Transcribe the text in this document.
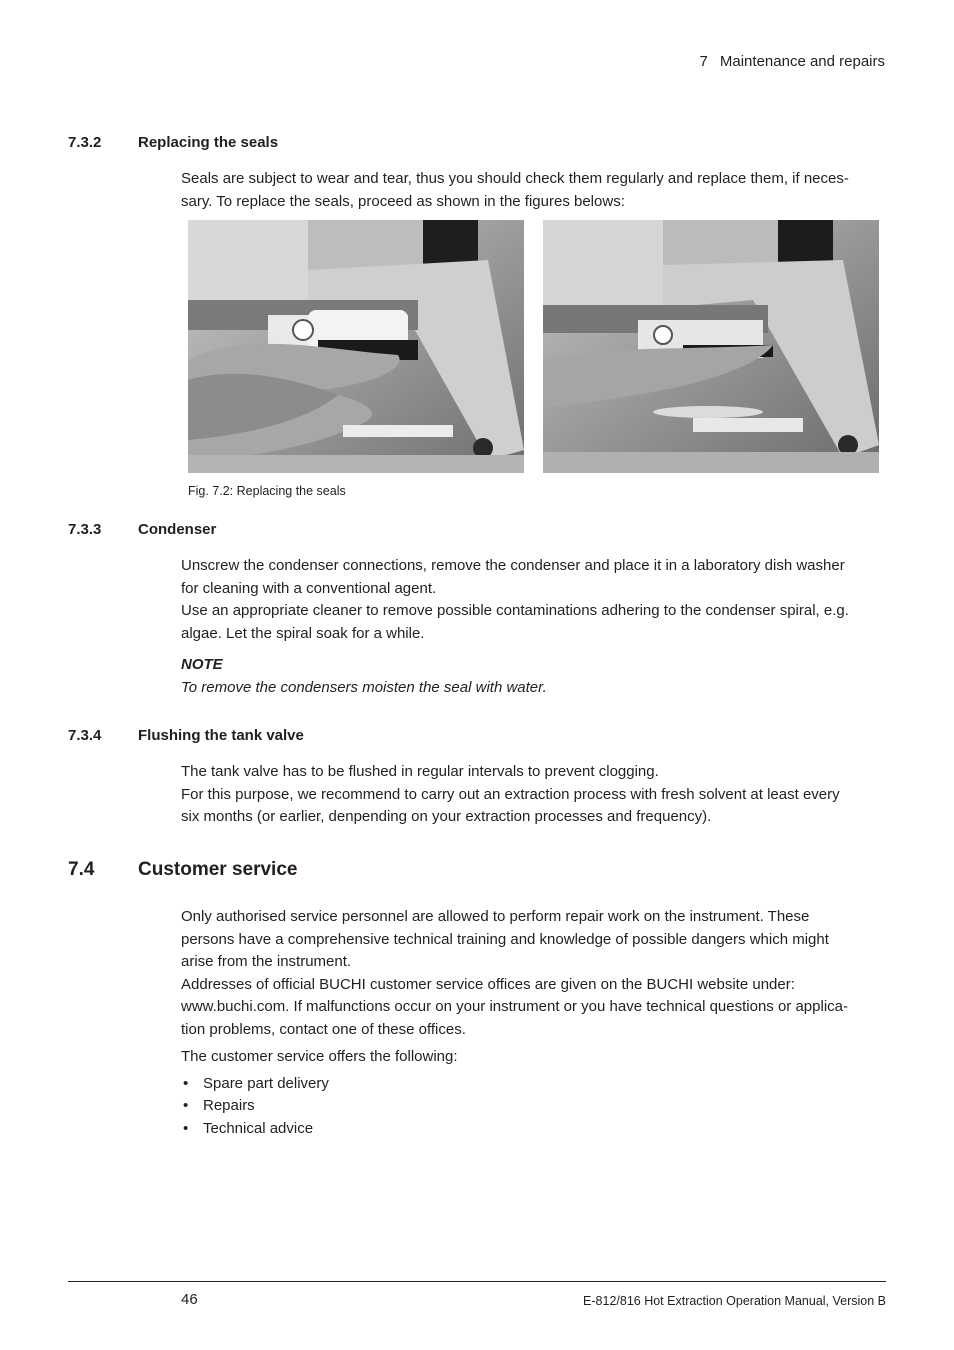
7 Maintenance and repairs
7.3.2 Replacing the seals

Seals are subject to wear and tear, thus you should check them regularly and replace them, if neces-

sary. To replace the seals, proceed as shown in the figures belows:

Fig. 7.2: Replacing the seals
7.3.3 Condenser

Unscrew the condenser connections, remove the condenser and place it in a laboratory dish washer

for cleaning with a conventional agent.

Use an appropriate cleaner to remove possible contaminations adhering to the condenser spiral, e.g.

algae. Let the spiral soak for a while.

NOTE

To remove the condensers moisten the seal with water.

7.3.4 Flushing the tank valve

The tank valve has to be flushed in regular intervals to prevent clogging.

For this purpose, we recommend to carry out an extraction process with fresh solvent at least every

six months (or earlier, denpending on your extraction processes and frequency).

7.4 Customer service

Only authorised service personnel are allowed to perform repair work on the instrument. These

persons have a comprehensive technical training and knowledge of possible dangers which might

arise from the instrument.

Addresses of official BUCHI customer service offices are given on the BUCHI website under:

www.buchi.com. If malfunctions occur on your instrument or you have technical questions or applica-

tion problems, contact one of these offices.

The customer service offers the following:
• Spare part delivery
• Repairs
• Technical advice
46	E-812/816 Hot Extraction Operation Manual, Version B
